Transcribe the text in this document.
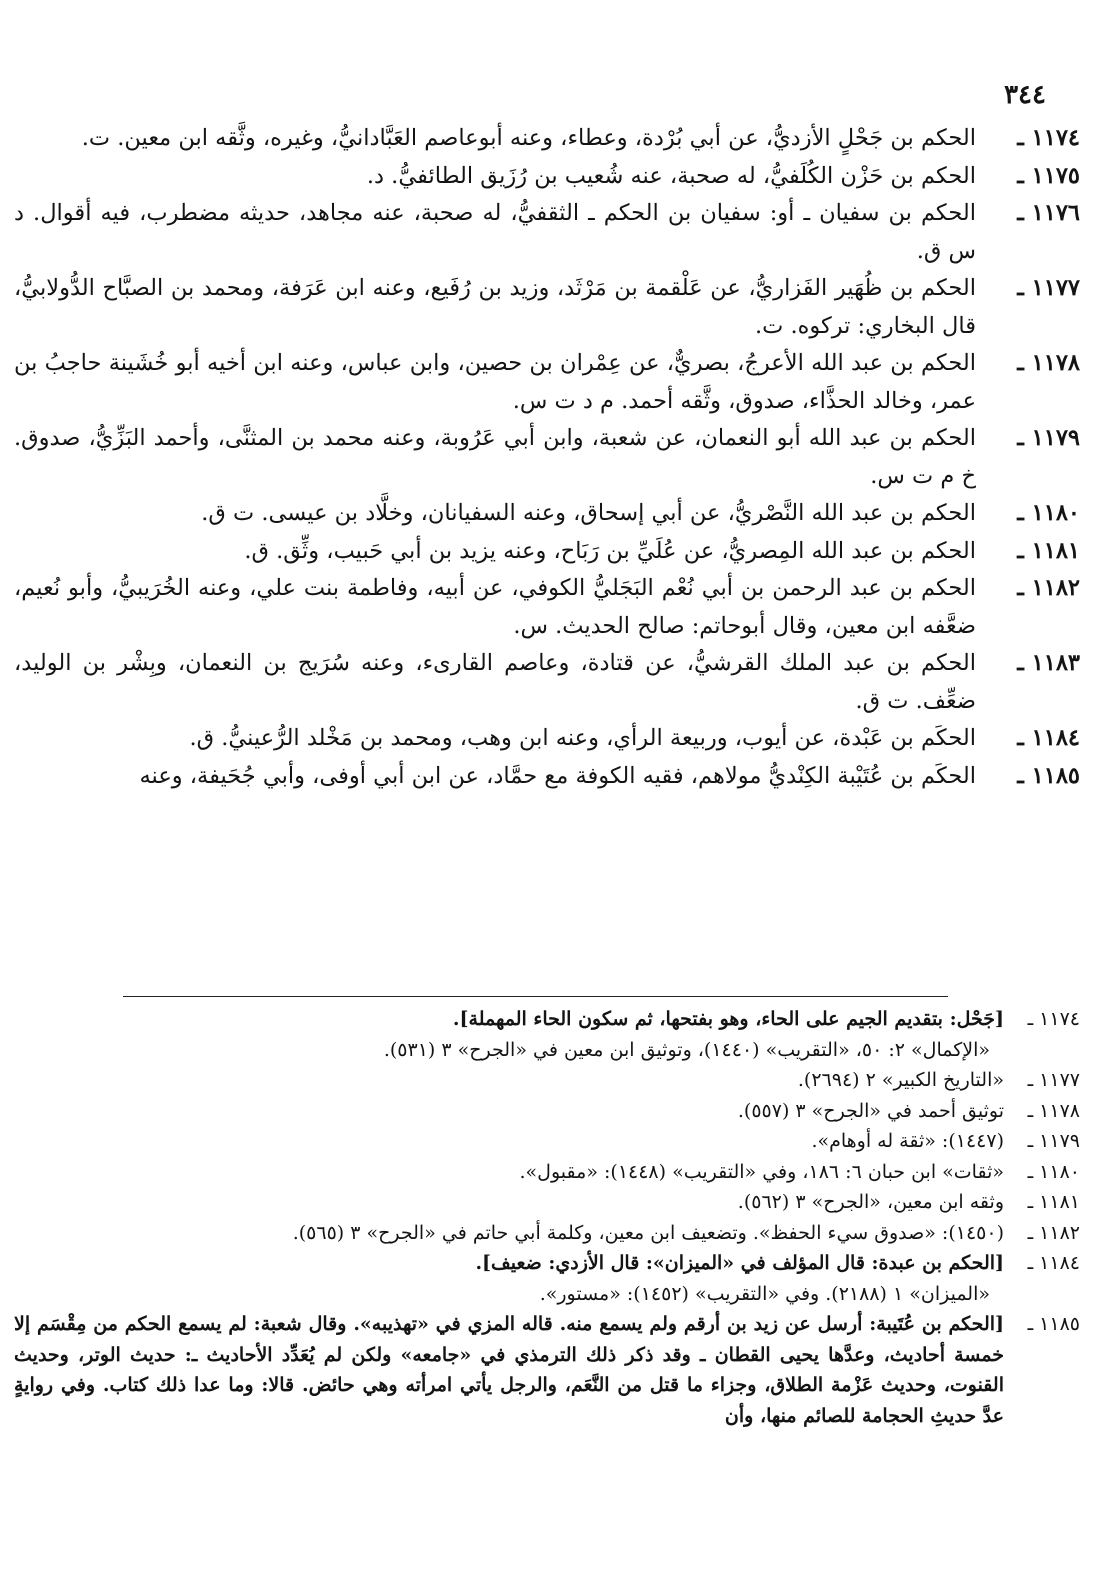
٣٤٤

١١٧٤ ـ
الحكم بن جَحْلٍ الأزديُّ، عن أبي بُرْدة، وعطاء، وعنه أبوعاصم العَبَّادانيُّ، وغيره، وثَّقه ابن معين. ت.

١١٧٥ ـ
الحكم بن حَزْن الكُلَفيُّ، له صحبة، عنه شُعيب بن رُزَيق الطائفيُّ. د.

١١٧٦ ـ
الحكم بن سفيان ـ أو: سفيان بن الحكم ـ الثقفيُّ، له صحبة، عنه مجاهد، حديثه مضطرب، فيه أقوال. د س ق.

١١٧٧ ـ
الحكم بن ظُهَير الفَزاريُّ، عن عَلْقمة بن مَرْثَد، وزيد بن رُفَيع، وعنه ابن عَرَفة، ومحمد بن الصبَّاح الدُّولابيُّ، قال البخاري: تركوه. ت.

١١٧٨ ـ
الحكم بن عبد الله الأعرجُ، بصريٌّ، عن عِمْران بن حصين، وابن عباس، وعنه ابن أخيه أبو خُشَينة حاجبُ بن عمر، وخالد الحذَّاء، صدوق، وثَّقه أحمد. م د ت س.

١١٧٩ ـ
الحكم بن عبد الله أبو النعمان، عن شعبة، وابن أبي عَرُوبة، وعنه محمد بن المثنَّى، وأحمد البَزِّيُّ، صدوق. خ م ت س.

١١٨٠ ـ
الحكم بن عبد الله النَّصْريُّ، عن أبي إسحاق، وعنه السفيانان، وخلَّاد بن عيسى. ت ق.

١١٨١ ـ
الحكم بن عبد الله المِصريُّ، عن عُلَيِّ بن رَبَاح، وعنه يزيد بن أبي حَبيب، وثِّق. ق.

١١٨٢ ـ
الحكم بن عبد الرحمن بن أبي نُعْم البَجَليُّ الكوفي، عن أبيه، وفاطمة بنت علي، وعنه الخُرَيبيُّ، وأبو نُعيم، ضعَّفه ابن معين، وقال أبوحاتم: صالح الحديث. س.

١١٨٣ ـ
الحكم بن عبد الملك القرشيُّ، عن قتادة، وعاصم القارىء، وعنه سُرَيج بن النعمان، وبِشْر بن الوليد، ضعِّف. ت ق.

١١٨٤ ـ
الحكَم بن عَبْدة، عن أيوب، وربيعة الرأي، وعنه ابن وهب، ومحمد بن مَخْلد الرُّعينيُّ. ق.

١١٨٥ ـ
الحكَم بن عُتَيْبة الكِنْديُّ مولاهم، فقيه الكوفة مع حمَّاد، عن ابن أبي أوفى، وأبي جُحَيفة، وعنه

١١٧٤ ـ
[جَحْل: بتقديم الجيم على الحاء، وهو بفتحها، ثم سكون الحاء المهملة].
«الإكمال» ٢: ٥٠، «التقريب» (١٤٤٠)، وتوثيق ابن معين في «الجرح» ٣ (٥٣١).

١١٧٧ ـ
«التاريخ الكبير» ٢ (٢٦٩٤).

١١٧٨ ـ
توثيق أحمد في «الجرح» ٣ (٥٥٧).

١١٧٩ ـ
(١٤٤٧): «ثقة له أوهام».

١١٨٠ ـ
«ثقات» ابن حبان ٦: ١٨٦، وفي «التقريب» (١٤٤٨): «مقبول».

١١٨١ ـ
وثقه ابن معين، «الجرح» ٣ (٥٦٢).

١١٨٢ ـ
(١٤٥٠): «صدوق سيء الحفظ». وتضعيف ابن معين، وكلمة أبي حاتم في «الجرح» ٣ (٥٦٥).

١١٨٤ ـ
[الحكم بن عبدة: قال المؤلف في «الميزان»: قال الأزدي: ضعيف].
«الميزان» ١ (٢١٨٨). وفي «التقريب» (١٤٥٢): «مستور».

١١٨٥ ـ
[الحكم بن عُتَيبة: أرسل عن زيد بن أرقم ولم يسمع منه. قاله المزي في «تهذيبه». وقال شعبة: لم يسمع الحكم من مِقْسَم إلا خمسة أحاديث، وعدَّها يحيى القطان ـ وقد ذكر ذلك الترمذي في «جامعه» ولكن لم يُعَدِّد الأحاديث ـ: حديث الوتر، وحديث القنوت، وحديث عَزْمة الطلاق، وجزاء ما قتل من النَّعَم، والرجل يأتي امرأته وهي حائض. قالا: وما عدا ذلك كتاب. وفي روايةٍ عدَّ حديثِ الحجامة للصائم منها، وأن
